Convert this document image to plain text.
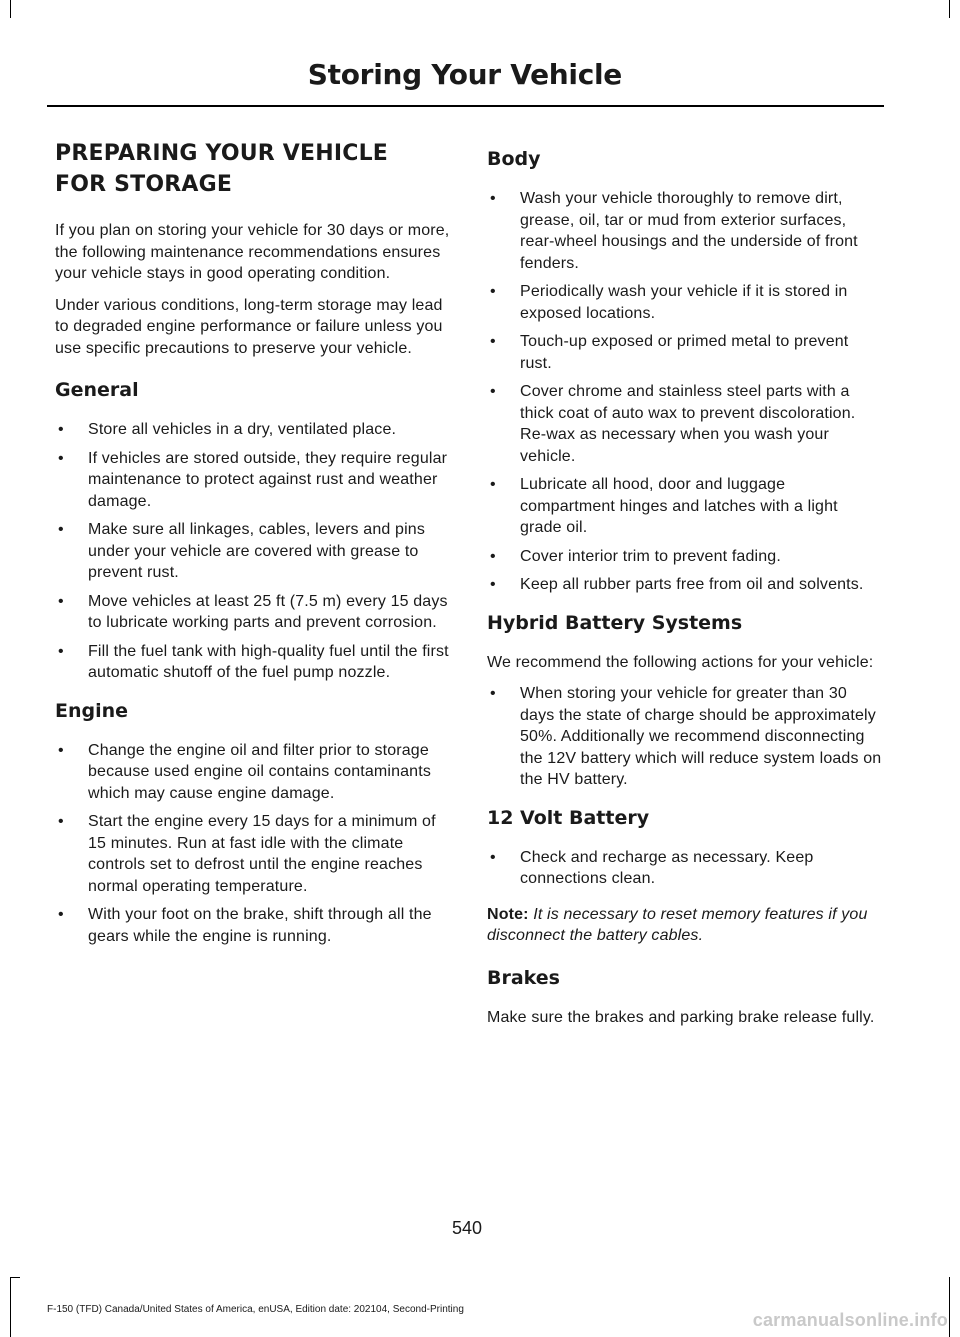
Storing Your Vehicle
PREPARING YOUR VEHICLE
FOR STORAGE

If you plan on storing your vehicle for 30 days or more, the following maintenance recommendations ensures your vehicle stays in good operating condition.

Under various conditions, long-term storage may lead to degraded engine performance or failure unless you use specific precautions to preserve your vehicle.

General
• Store all vehicles in a dry, ventilated place.
• If vehicles are stored outside, they require regular maintenance to protect against rust and weather damage.
• Make sure all linkages, cables, levers and pins under your vehicle are covered with grease to prevent rust.
• Move vehicles at least 25 ft (7.5 m) every 15 days to lubricate working parts and prevent corrosion.
• Fill the fuel tank with high-quality fuel until the first automatic shutoff of the fuel pump nozzle.
Engine
• Change the engine oil and filter prior to storage because used engine oil contains contaminants which may cause engine damage.
• Start the engine every 15 days for a minimum of 15 minutes. Run at fast idle with the climate controls set to defrost until the engine reaches normal operating temperature.
• With your foot on the brake, shift through all the gears while the engine is running.
Body
• Wash your vehicle thoroughly to remove dirt, grease, oil, tar or mud from exterior surfaces, rear-wheel housings and the underside of front fenders.
• Periodically wash your vehicle if it is stored in exposed locations.
• Touch-up exposed or primed metal to prevent rust.
• Cover chrome and stainless steel parts with a thick coat of auto wax to prevent discoloration. Re-wax as necessary when you wash your vehicle.
• Lubricate all hood, door and luggage compartment hinges and latches with a light grade oil.
• Cover interior trim to prevent fading.
• Keep all rubber parts free from oil and solvents.
Hybrid Battery Systems

We recommend the following actions for your vehicle:

• When storing your vehicle for greater than 30 days the state of charge should be approximately 50%. Additionally we recommend disconnecting the 12V battery which will reduce system loads on the HV battery.
12 Volt Battery
• Check and recharge as necessary. Keep connections clean.

Note: It is necessary to reset memory features if you disconnect the battery cables.

Brakes

Make sure the brakes and parking brake release fully.

540
F-150 (TFD) Canada/United States of America, enUSA, Edition date: 202104, Second-Printing
carmanualsonline.info
